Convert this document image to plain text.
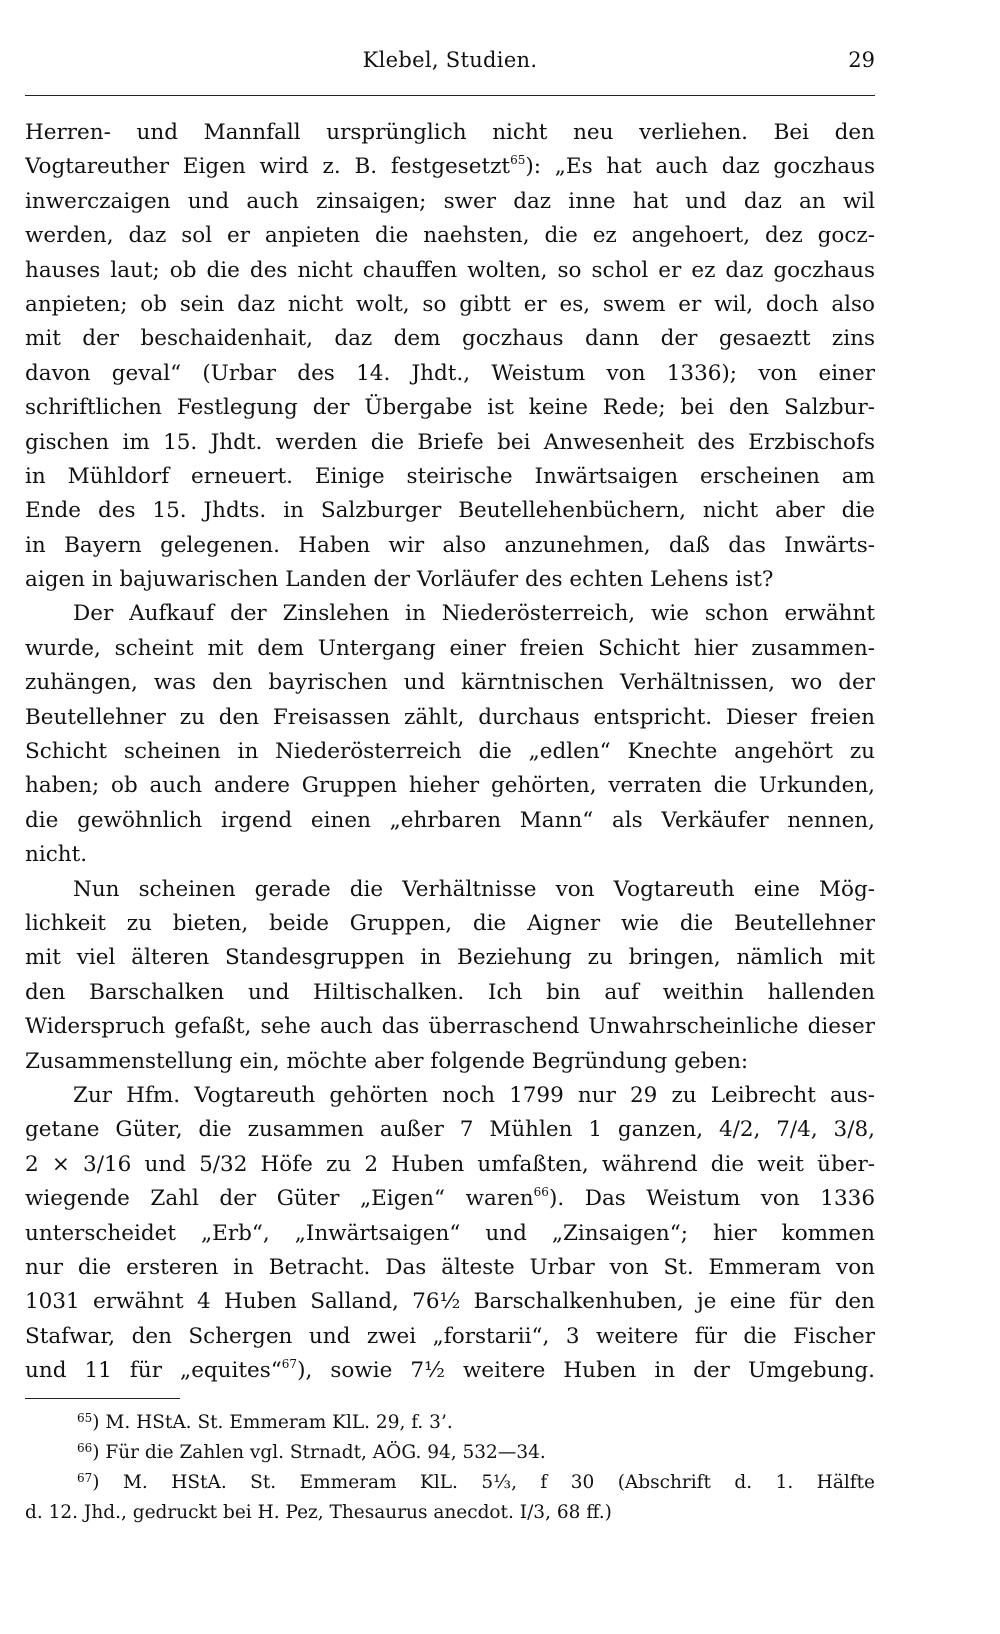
Klebel, Studien.	29
Herren- und Mannfall ursprünglich nicht neu verliehen. Bei den
Vogtareuther Eigen wird z. B. festgesetzt$^{65}$): „Es hat auch daz goczhaus
inwerczaigen und auch zinsaigen; swer daz inne hat und daz an wil
werden, daz sol er anpieten die naehsten, die ez angehoert, dez gocz-
hauses laut; ob die des nicht chauffen wolten, so schol er ez daz goczhaus
anpieten; ob sein daz nicht wolt, so gibtt er es, swem er wil, doch also
mit der beschaidenhait, daz dem goczhaus dann der gesaeztt zins
davon geval“ (Urbar des 14. Jhdt., Weistum von 1336); von einer
schriftlichen Festlegung der Übergabe ist keine Rede; bei den Salzbur-
gischen im 15. Jhdt. werden die Briefe bei Anwesenheit des Erzbischofs
in Mühldorf erneuert. Einige steirische Inwärtsaigen erscheinen am
Ende des 15. Jhdts. in Salzburger Beutellehenbüchern, nicht aber die
in Bayern gelegenen. Haben wir also anzunehmen, daß das Inwärts-
aigen in bajuwarischen Landen der Vorläufer des echten Lehens ist?
Der Aufkauf der Zinslehen in Niederösterreich, wie schon erwähnt
wurde, scheint mit dem Untergang einer freien Schicht hier zusammen-
zuhängen, was den bayrischen und kärntnischen Verhältnissen, wo der
Beutellehner zu den Freisassen zählt, durchaus entspricht. Dieser freien
Schicht scheinen in Niederösterreich die „edlen“ Knechte angehört zu
haben; ob auch andere Gruppen hieher gehörten, verraten die Urkunden,
die gewöhnlich irgend einen „ehrbaren Mann“ als Verkäufer nennen,
nicht.
Nun scheinen gerade die Verhältnisse von Vogtareuth eine Mög-
lichkeit zu bieten, beide Gruppen, die Aigner wie die Beutellehner
mit viel älteren Standesgruppen in Beziehung zu bringen, nämlich mit
den Barschalken und Hiltischalken. Ich bin auf weithin hallenden
Widerspruch gefaßt, sehe auch das überraschend Unwahrscheinliche dieser
Zusammenstellung ein, möchte aber folgende Begründung geben:
Zur Hfm. Vogtareuth gehörten noch 1799 nur 29 zu Leibrecht aus-
getane Güter, die zusammen außer 7 Mühlen 1 ganzen, 4/2, 7/4, 3/8,
2 × 3/16 und 5/32 Höfe zu 2 Huben umfaßten, während die weit über-
wiegende Zahl der Güter „Eigen“ waren$^{66}$). Das Weistum von 1336
unterscheidet „Erb“, „Inwärtsaigen“ und „Zinsaigen“; hier kommen
nur die ersteren in Betracht. Das älteste Urbar von St. Emmeram von
1031 erwähnt 4 Huben Salland, 76½ Barschalkenhuben, je eine für den
Stafwar, den Schergen und zwei „forstarii“, 3 weitere für die Fischer
und 11 für „equites“$^{67}$), sowie 7½ weitere Huben in der Umgebung.
$^{65}$) M. HStA. St. Emmeram KlL. 29, f. 3’.
$^{66}$) Für die Zahlen vgl. Strnadt, AÖG. 94, 532—34.
$^{67}$) M. HStA. St. Emmeram KlL. 5⅓, f 30 (Abschrift d. 1. Hälfte
d. 12. Jhd., gedruckt bei H. Pez, Thesaurus anecdot. I/3, 68 ff.)
